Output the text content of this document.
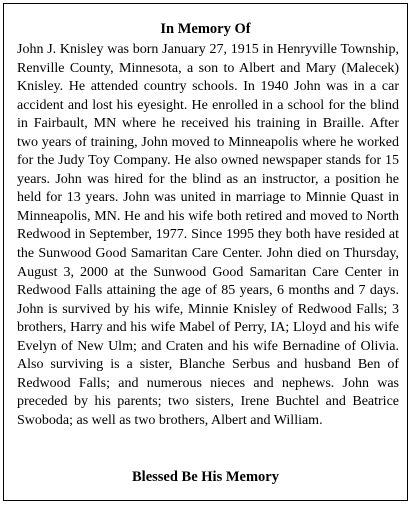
In Memory Of

John J. Knisley was born January 27, 1915 in Henryville Township, Renville County, Minnesota, a son to Albert and Mary (Malecek) Knisley. He attended country schools. In 1940 John was in a car accident and lost his eyesight. He enrolled in a school for the blind in Fairbault, MN where he received his training in Braille. After two years of training, John moved to Minneapolis where he worked for the Judy Toy Company. He also owned newspaper stands for 15 years. John was hired for the blind as an instructor, a position he held for 13 years. John was united in marriage to Minnie Quast in Minneapolis, MN. He and his wife both retired and moved to North Redwood in September, 1977. Since 1995 they both have resided at the Sunwood Good Samaritan Care Center. John died on Thursday, August 3, 2000 at the Sunwood Good Samaritan Care Center in Redwood Falls attaining the age of 85 years, 6 months and 7 days. John is survived by his wife, Minnie Knisley of Redwood Falls; 3 brothers, Harry and his wife Mabel of Perry, IA; Lloyd and his wife Evelyn of New Ulm; and Craten and his wife Bernadine of Olivia. Also surviving is a sister, Blanche Serbus and husband Ben of Redwood Falls; and numerous nieces and nephews. John was preceded by his parents; two sisters, Irene Buchtel and Beatrice Swoboda; as well as two brothers, Albert and William.

Blessed Be His Memory
